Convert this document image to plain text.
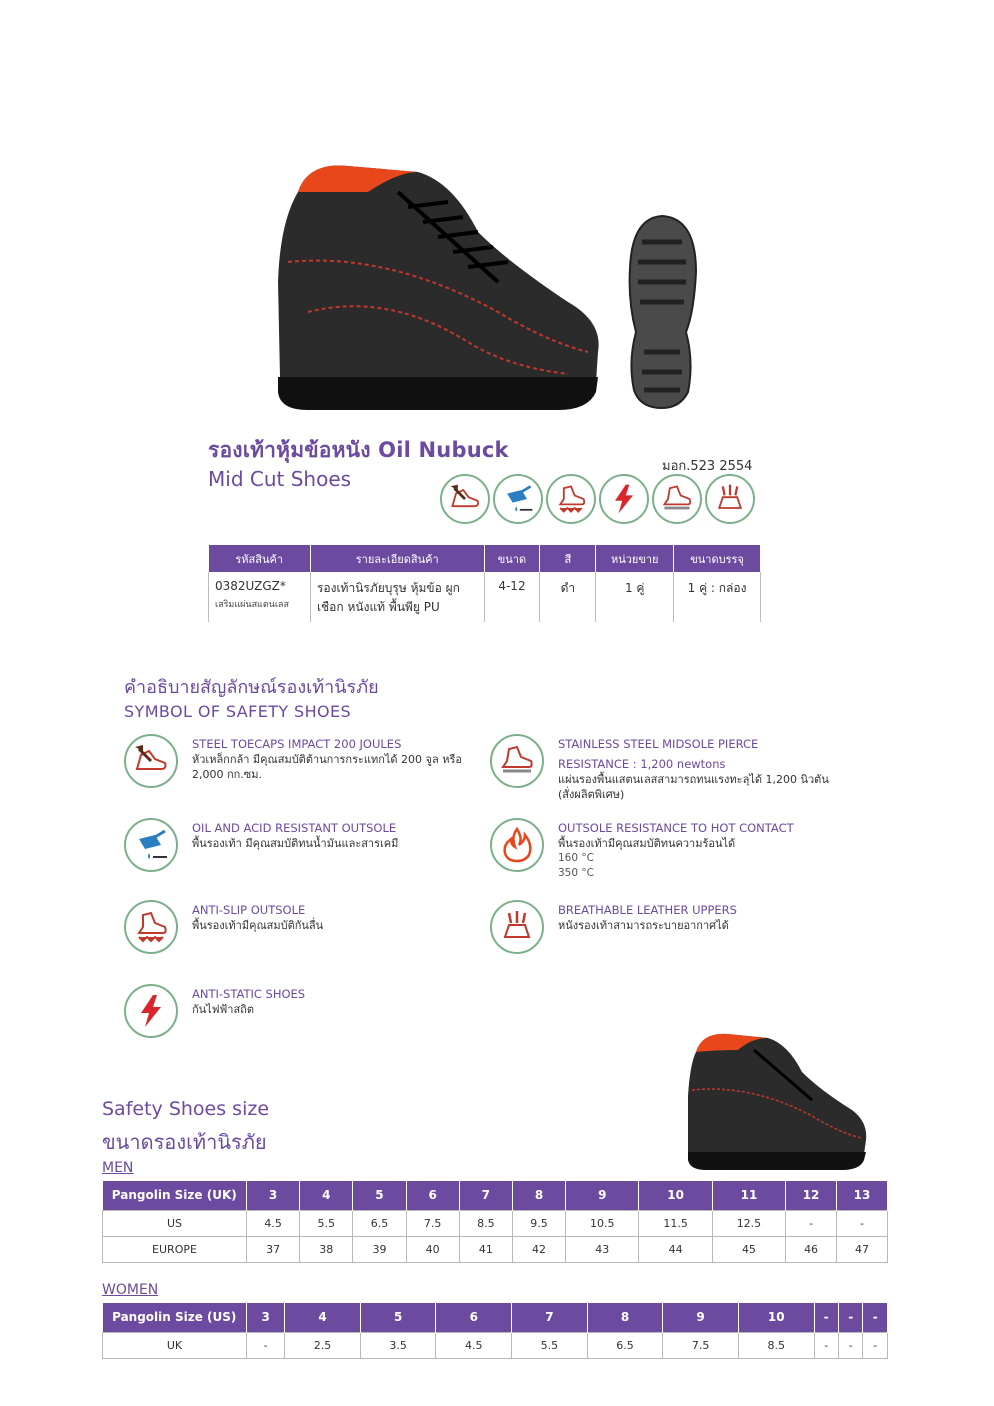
รองเท้าหุ้มข้อหนัง Oil Nubuck
Mid Cut Shoes
มอก.523 2554
รหัสสินค้า	รายละเอียดสินค้า	ขนาด	สี	หน่วยขาย	ขนาดบรรจุ
0382UZGZ*
เสริมแผ่นสแตนเลส	รองเท้านิรภัยบุรุษ หุ้มข้อ ผูกเชือก หนังแท้ พื้นพียู PU	4-12	ดำ	1 คู่	1 คู่ : กล่อง
คำอธิบายสัญลักษณ์รองเท้านิรภัย
SYMBOL OF SAFETY SHOES
STEEL TOECAPS IMPACT 200 JOULES
หัวเหล็กกล้า มีคุณสมบัติต้านการกระแทกได้ 200 จูล หรือ 2,000 กก.ซม.
OIL AND ACID RESISTANT OUTSOLE
พื้นรองเท้า มีคุณสมบัติทนน้ำมันและสารเคมี
ANTI-SLIP OUTSOLE
พื้นรองเท้ามีคุณสมบัติกันลื่น
ANTI-STATIC SHOES
กันไฟฟ้าสถิต
STAINLESS STEEL MIDSOLE PIERCE
RESISTANCE : 1,200 newtons
แผ่นรองพื้นแสตนเลสสามารถทนแรงทะลุได้ 1,200 นิวตัน (สั่งผลิตพิเศษ)
OUTSOLE RESISTANCE TO HOT CONTACT
พื้นรองเท้ามีคุณสมบัติทนความร้อนได้
160 °C
350 °C
BREATHABLE LEATHER UPPERS
หนังรองเท้าสามารถระบายอากาศได้
Safety Shoes size
ขนาดรองเท้านิรภัย
MEN
Pangolin Size (UK)	3	4	5	6	7	8	9	10	11	12	13
US	4.5	5.5	6.5	7.5	8.5	9.5	10.5	11.5	12.5	-	-
EUROPE	37	38	39	40	41	42	43	44	45	46	47
WOMEN
Pangolin Size (US)	3	4	5	6	7	8	9	10	-	-	-
UK	-	2.5	3.5	4.5	5.5	6.5	7.5	8.5	-	-	-
